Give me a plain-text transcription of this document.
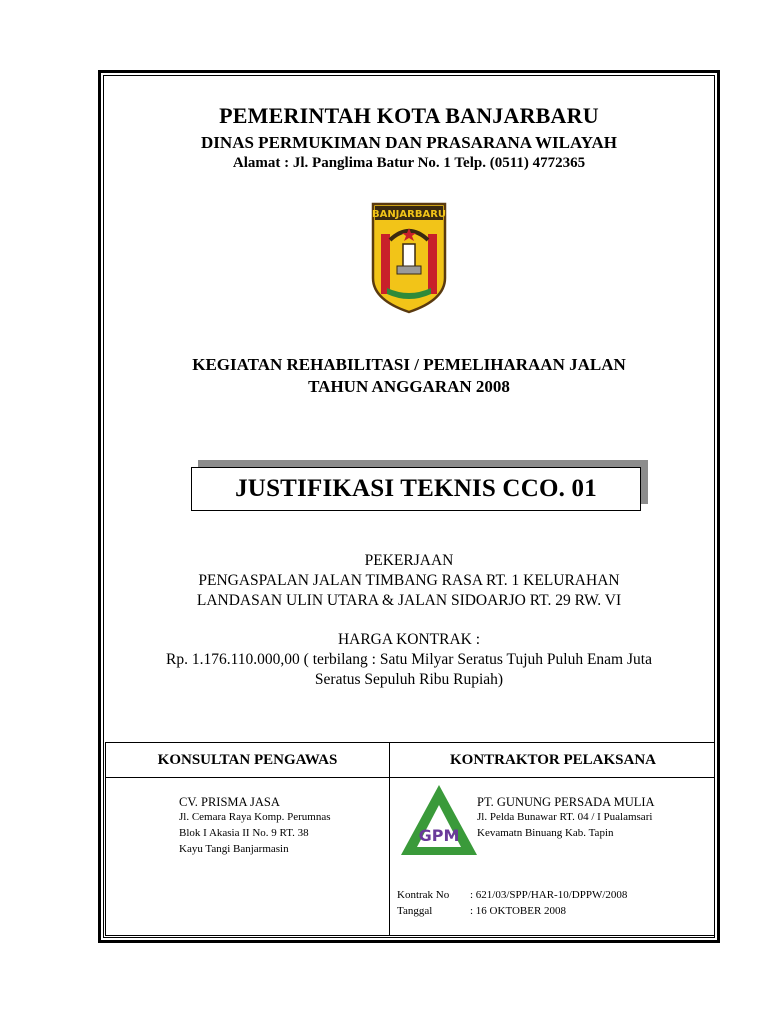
PEMERINTAH KOTA BANJARBARU
DINAS PERMUKIMAN DAN PRASARANA WILAYAH
Alamat : Jl. Panglima Batur No. 1 Telp. (0511) 4772365
BANJARBARU
KEGIATAN REHABILITASI / PEMELIHARAAN JALAN
TAHUN ANGGARAN 2008
JUSTIFIKASI TEKNIS CCO. 01
PEKERJAAN
PENGASPALAN JALAN TIMBANG RASA RT. 1 KELURAHAN
LANDASAN ULIN UTARA & JALAN SIDOARJO RT. 29 RW. VI
HARGA KONTRAK :
Rp. 1.176.110.000,00 ( terbilang : Satu Milyar Seratus Tujuh Puluh Enam Juta
Seratus Sepuluh Ribu Rupiah)
KONSULTAN PENGAWAS	KONTRAKTOR PELAKSANA
CV. PRISMA JASA
Jl. Cemara Raya Komp. Perumnas
Blok I Akasia II No. 9 RT. 38
Kayu Tangi Banjarmasin
GPM
PT. GUNUNG PERSADA MULIA
Jl. Pelda Bunawar RT. 04 / I Pualamsari
Kevamatn Binuang Kab. Tapin
Kontrak No : 621/03/SPP/HAR-10/DPPW/2008
Tanggal	: 16 OKTOBER 2008
